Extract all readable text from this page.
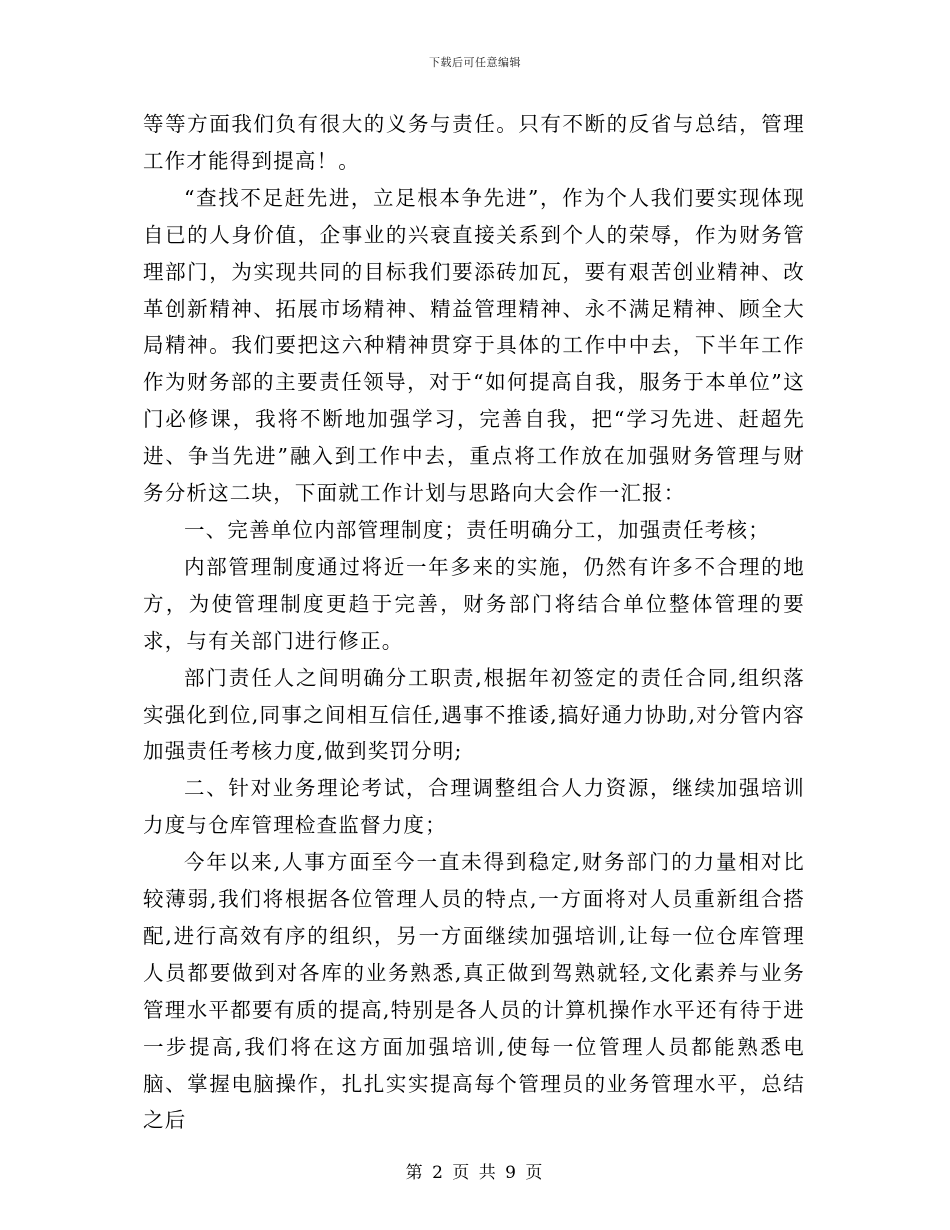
下载后可任意编辑

等等方面我们负有很大的义务与责任。只有不断的反省与总结，管理工作才能得到提高！。

“查找不足赶先进，立足根本争先进”，作为个人我们要实现体现自已的人身价值，企事业的兴衰直接关系到个人的荣辱，作为财务管理部门，为实现共同的目标我们要添砖加瓦，要有艰苦创业精神、改革创新精神、拓展市场精神、精益管理精神、永不满足精神、顾全大局精神。我们要把这六种精神贯穿于具体的工作中中去，下半年工作作为财务部的主要责任领导，对于“如何提高自我，服务于本单位”这门必修课，我将不断地加强学习，完善自我，把“学习先进、赶超先进、争当先进”融入到工作中去，重点将工作放在加强财务管理与财务分析这二块，下面就工作计划与思路向大会作一汇报：

一、完善单位内部管理制度；责任明确分工，加强责任考核；

内部管理制度通过将近一年多来的实施，仍然有许多不合理的地方，为使管理制度更趋于完善，财务部门将结合单位整体管理的要求，与有关部门进行修正。

部门责任人之间明确分工职责,根据年初签定的责任合同,组织落实强化到位,同事之间相互信任,遇事不推诿,搞好通力协助,对分管内容加强责任考核力度,做到奖罚分明;

二、针对业务理论考试，合理调整组合人力资源，继续加强培训力度与仓库管理检查监督力度；

今年以来,人事方面至今一直未得到稳定,财务部门的力量相对比较薄弱,我们将根据各位管理人员的特点,一方面将对人员重新组合搭配,进行高效有序的组织，另一方面继续加强培训,让每一位仓库管理人员都要做到对各库的业务熟悉,真正做到驾熟就轻,文化素养与业务管理水平都要有质的提高,特别是各人员的计算机操作水平还有待于进一步提高,我们将在这方面加强培训,使每一位管理人员都能熟悉电脑、掌握电脑操作，扎扎实实提高每个管理员的业务管理水平，总结之后

第 2 页 共 9 页
